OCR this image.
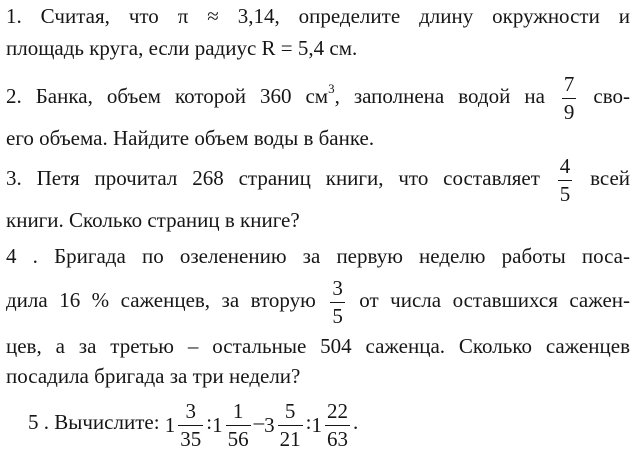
1. Считая, что π ≈ 3,14, определите длину окружности и
площадь круга, если радиус R = 5,4 см.
2. Банка, объем которой 360 $см^3$, заполнена водой на $\frac{7}{9} сво-$
его объема. Найдите объем воды в банке.
3. Петя прочитал 268 страниц книги, что составляет $\frac{4}{5}$ всей
книги. Сколько страниц в книге?
4 . Бригада по озеленению за первую неделю работы поса-
дила 16 % саженцев, за вторую $\frac{3}{5}$ от числа оставшихся сажен-
цев, а за третью – остальные 504 саженца. Сколько саженцев
посадила бригада за три недели?
5 . Вычислите: $1 \frac{3}{35}$ :1 $\frac{1}{56} -3 \frac{5}{21}$ :1 $\frac{22}{63}$ .
